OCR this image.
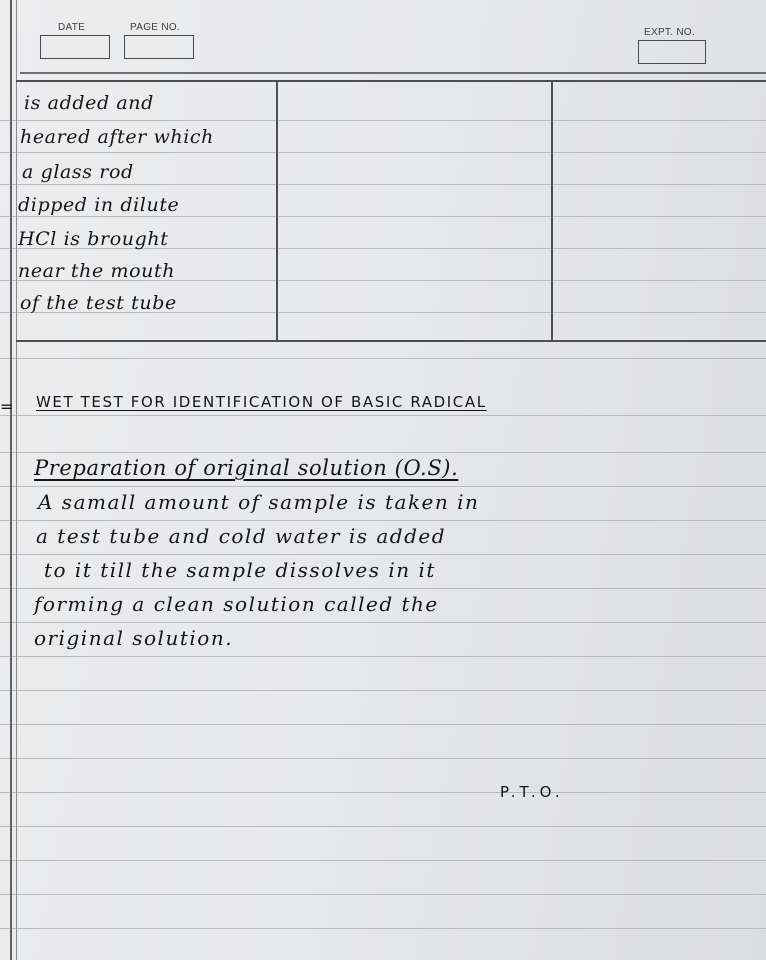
DATE	PAGE NO.	EXPT. NO.
is added and
heared after which
a glass rod
dipped in dilute
HCl is brought
near the mouth
of the test tube
= WET TEST FOR IDENTIFICATION OF BASIC RADICAL
Preparation of original solution (O.S).
A samall amount of sample is taken in
a test tube and cold water is added
to it till the sample dissolves in it
forming a clean solution called the
original solution.
P.T.O.
